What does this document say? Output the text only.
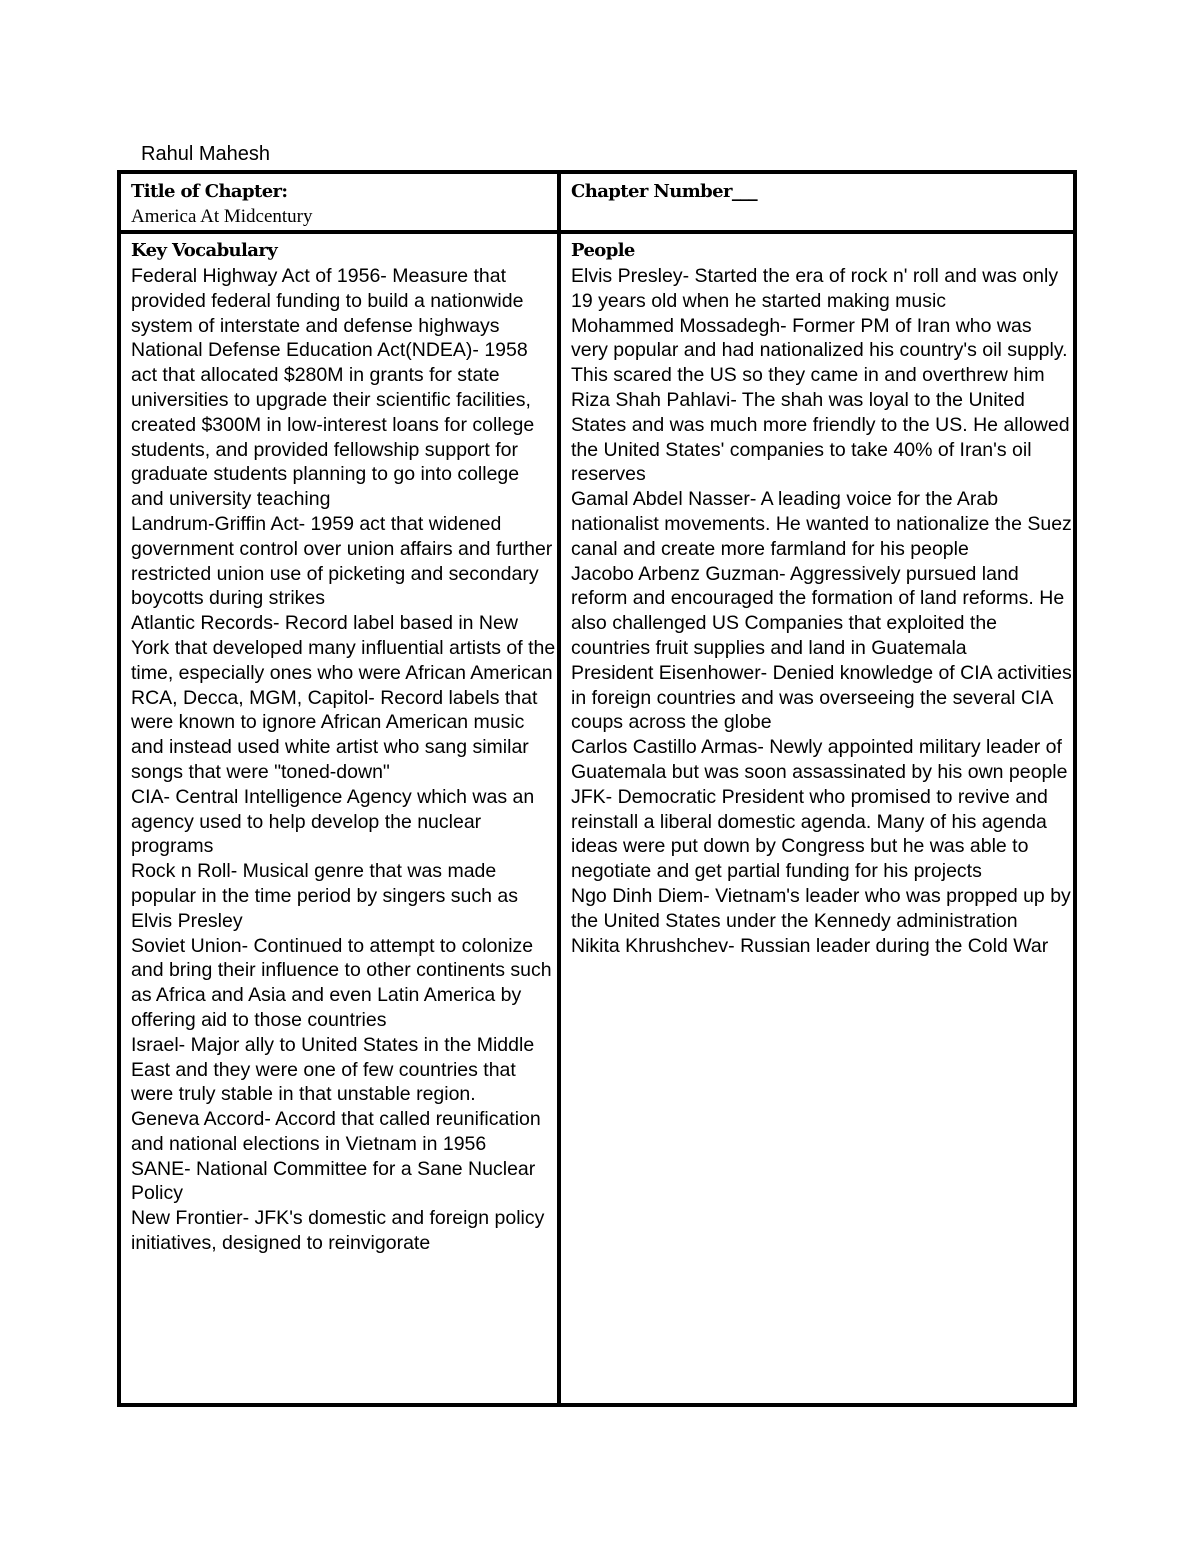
Rahul Mahesh
Title of Chapter:
America At Midcentury
Chapter Number___
Key Vocabulary
Federal Highway Act of 1956- Measure that provided federal funding to build a nationwide system of interstate and defense highways
National Defense Education Act(NDEA)- 1958 act that allocated $280M in grants for state universities to upgrade their scientific facilities, created $300M in low-interest loans for college students, and provided fellowship support for graduate students planning to go into college and university teaching
Landrum-Griffin Act- 1959 act that widened government control over union affairs and further restricted union use of picketing and secondary boycotts during strikes
Atlantic Records- Record label based in New York that developed many influential artists of the time, especially ones who were African American
RCA, Decca, MGM, Capitol- Record labels that were known to ignore African American music and instead used white artist who sang similar songs that were "toned-down"
CIA- Central Intelligence Agency which was an agency used to help develop the nuclear programs
Rock n Roll- Musical genre that was made popular in the time period by singers such as Elvis Presley
Soviet Union- Continued to attempt to colonize and bring their influence to other continents such as Africa and Asia and even Latin America by offering aid to those countries
Israel- Major ally to United States in the Middle East and they were one of few countries that were truly stable in that unstable region.
Geneva Accord- Accord that called reunification and national elections in Vietnam in 1956
SANE- National Committee for a Sane Nuclear Policy
New Frontier- JFK's domestic and foreign policy initiatives, designed to reinvigorate
People
Elvis Presley- Started the era of rock n' roll and was only 19 years old when he started making music
Mohammed Mossadegh- Former PM of Iran who was very popular and had nationalized his country's oil supply. This scared the US so they came in and overthrew him
Riza Shah Pahlavi- The shah was loyal to the United States and was much more friendly to the US. He allowed the United States' companies to take 40% of Iran's oil reserves
Gamal Abdel Nasser- A leading voice for the Arab nationalist movements. He wanted to nationalize the Suez canal and create more farmland for his people
Jacobo Arbenz Guzman- Aggressively pursued land reform and encouraged the formation of land reforms. He also challenged US Companies that exploited the countries fruit supplies and land in Guatemala
President Eisenhower- Denied knowledge of CIA activities in foreign countries and was overseeing the several CIA coups across the globe
Carlos Castillo Armas- Newly appointed military leader of Guatemala but was soon assassinated by his own people
JFK- Democratic President who promised to revive and reinstall a liberal domestic agenda. Many of his agenda ideas were put down by Congress but he was able to negotiate and get partial funding for his projects
Ngo Dinh Diem- Vietnam's leader who was propped up by the United States under the Kennedy administration
Nikita Khrushchev- Russian leader during the Cold War
